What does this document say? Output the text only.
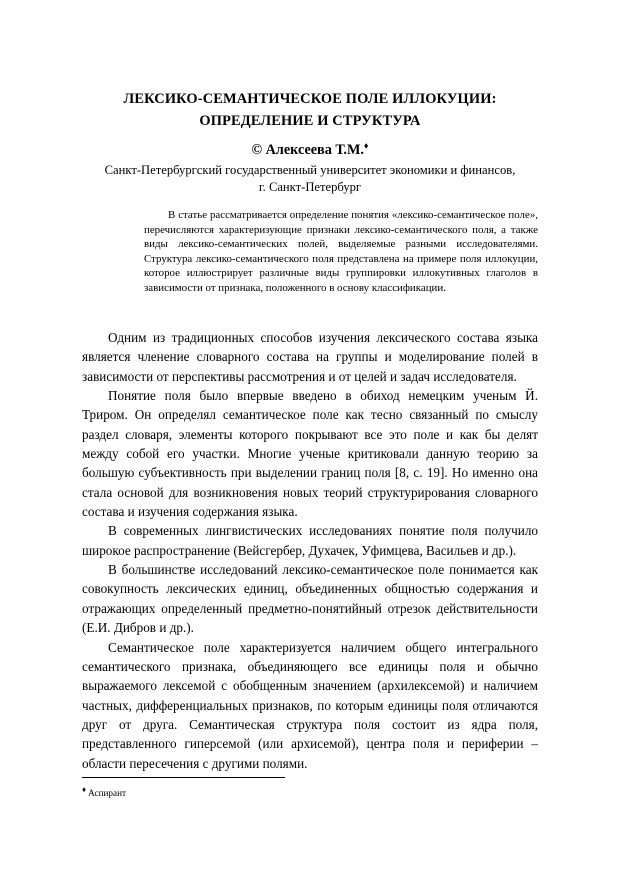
ЛЕКСИКО-СЕМАНТИЧЕСКОЕ ПОЛЕ ИЛЛОКУЦИИ:
ОПРЕДЕЛЕНИЕ И СТРУКТУРА
© Алексеева Т.М.♦
Санкт-Петербургский государственный университет экономики и финансов,
г. Санкт-Петербург
В статье рассматривается определение понятия «лексико-семантическое поле», перечисляются характеризующие признаки лексико-семантического поля, а также виды лексико-семантических полей, выделяемые разными исследователями. Структура лексико-семантического поля представлена на примере поля иллокуции, которое иллюстрирует различные виды группировки иллокутивных глаголов в зависимости от признака, положенного в основу классификации.

Одним из традиционных способов изучения лексического состава языка является членение словарного состава на группы и моделирование полей в зависимости от перспективы рассмотрения и от целей и задач исследователя.

Понятие поля было впервые введено в обиход немецким ученым Й. Триром. Он определял семантическое поле как тесно связанный по смыслу раздел словаря, элементы которого покрывают все это поле и как бы делят между собой его участки. Многие ученые критиковали данную теорию за большую субъективность при выделении границ поля [8, с. 19]. Но именно она стала основой для возникновения новых теорий структурирования словарного состава и изучения содержания языка.

В современных лингвистических исследованиях понятие поля получило широкое распространение (Вейсгербер, Духачек, Уфимцева, Васильев и др.).

В большинстве исследований лексико-семантическое поле понимается как совокупность лексических единиц, объединенных общностью содержания и отражающих определенный предметно-понятийный отрезок действительности (Е.И. Дибров и др.).

Семантическое поле характеризуется наличием общего интегрального семантического признака, объединяющего все единицы поля и обычно выражаемого лексемой с обобщенным значением (архилексемой) и наличием частных, дифференциальных признаков, по которым единицы поля отличаются друг от друга. Семантическая структура поля состоит из ядра поля, представленного гиперсемой (или архисемой), центра поля и периферии – области пересечения с другими полями.

♦ Аспирант
